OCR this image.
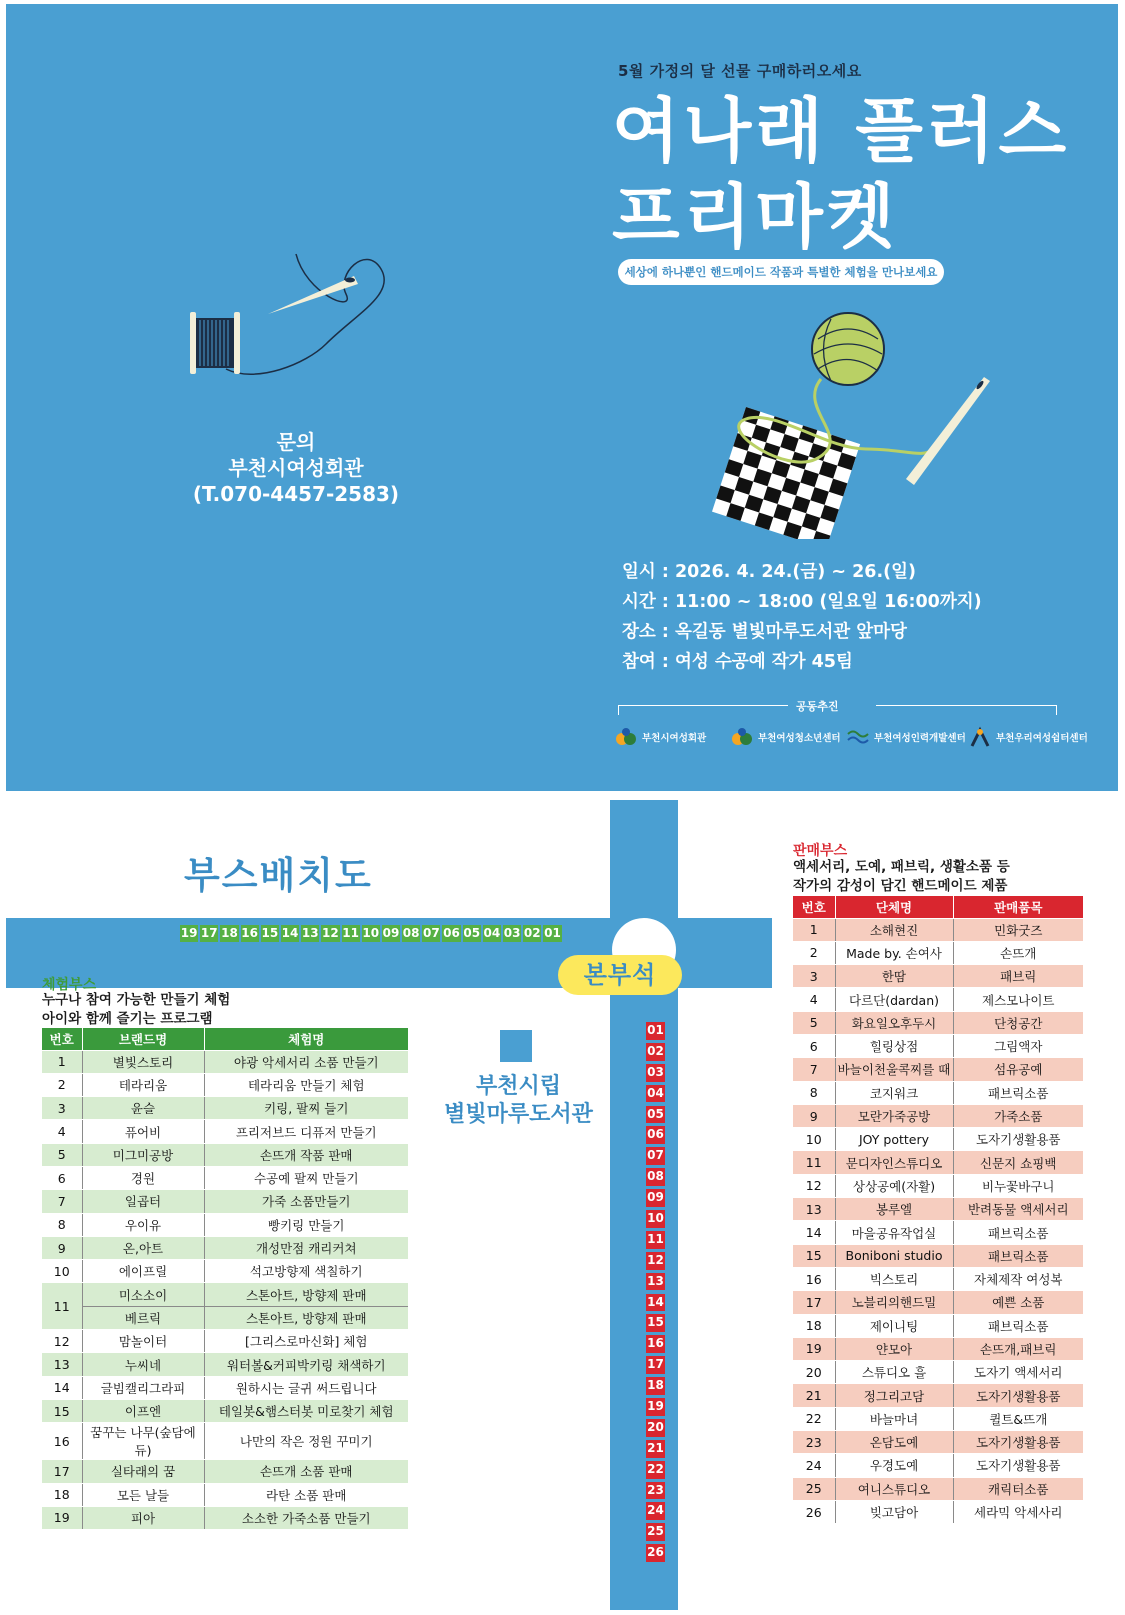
5월 가정의 달 선물 구매하러오세요
여나래 플러스
프리마켓
세상에 하나뿐인 핸드메이드 작품과 특별한 체험을 만나보세요
문의
부천시여성회관
(T.070-4457-2583)
일시 : 2026. 4. 24.(금) ~ 26.(일)
시간 : 11:00 ~ 18:00 (일요일 16:00까지)
장소 : 옥길동 별빛마루도서관 앞마당
참여 : 여성 수공예 작가 45팀
공동추진
부천시여성회관	부천여성청소년센터	부천여성인력개발센터	부천우리여성쉼터센터
부스배치도
19 17 18 16 15 14 13 12 11 10 09 08 07 06 05 04 03 02 01
01
02
03
04
05
06
07
08
09
10
11
12
13
14
15
16
17
18
19
20
21
22
23
24
25
26
본부석
부천시립
별빛마루도서관
체험부스
누구나 참여 가능한 만들기 체험
아이와 함께 즐기는 프로그램
번호	브랜드명	체험명
1	별빛스토리	야광 악세서리 소품 만들기
2	테라리움	테라리움 만들기 체험
3	윤슬	키링, 팔찌 들기
4	퓨어비	프리저브드 디퓨저 만들기
5	미그미공방	손뜨개 작품 판매
6	경원	수공예 팔찌 만들기
7	일곱터	가죽 소품만들기
8	우이유	빵키링 만들기
9	온,아트	개성만점 캐리커쳐
10	에이프릴	석고방향제 색칠하기
11	미소소이	스톤아트, 방향제 판매
	베르릭	스톤아트, 방향제 판매
12	맘놀이터	[그리스로마신화] 체험
13	누씨네	워터볼&커피박키링 채색하기
14	글빔캘리그라피	원하시는 글귀 써드립니다
15	이프엔	테일봇&햄스터봇 미로찾기 체험
16	꿈꾸는 나무(숲담에듀)	나만의 작은 정원 꾸미기
17	실타래의 꿈	손뜨개 소품 판매
18	모든 날들	라탄 소품 판매
19	피아	소소한 가죽소품 만들기
판매부스
액세서리, 도예, 패브릭, 생활소품 등
작가의 감성이 담긴 핸드메이드 제품
번호	단체명	판매품목
1	소해현진	민화굿즈
2	Made by. 손여사	손뜨개
3	한땀	패브릭
4	다르단(dardan)	제스모나이트
5	화요일오후두시	단청공간
6	힐링상점	그림액자
7	바늘이천울콕찌를 때	섬유공예
8	코지워크	패브릭소품
9	모란가죽공방	가죽소품
10	JOY pottery	도자기생활용품
11	문디자인스튜디오	신문지 쇼핑백
12	상상공예(자활)	비누꽃바구니
13	봉루엘	반려동물 액세서리
14	마을공유작업실	패브릭소품
15	Boniboni studio	패브릭소품
16	빅스토리	자체제작 여성복
17	노블리의핸드밀	예쁜 소품
18	제이니팅	패브릭소품
19	얀모아	손뜨개,패브릭
20	스튜디오 흘	도자기 액세서리
21	정그리고담	도자기생활용품
22	바늘마녀	퀼트&뜨개
23	온담도예	도자기생활용품
24	우경도예	도자기생활용품
25	여니스튜디오	캐릭터소품
26	빚고담아	세라믹 악세사리
